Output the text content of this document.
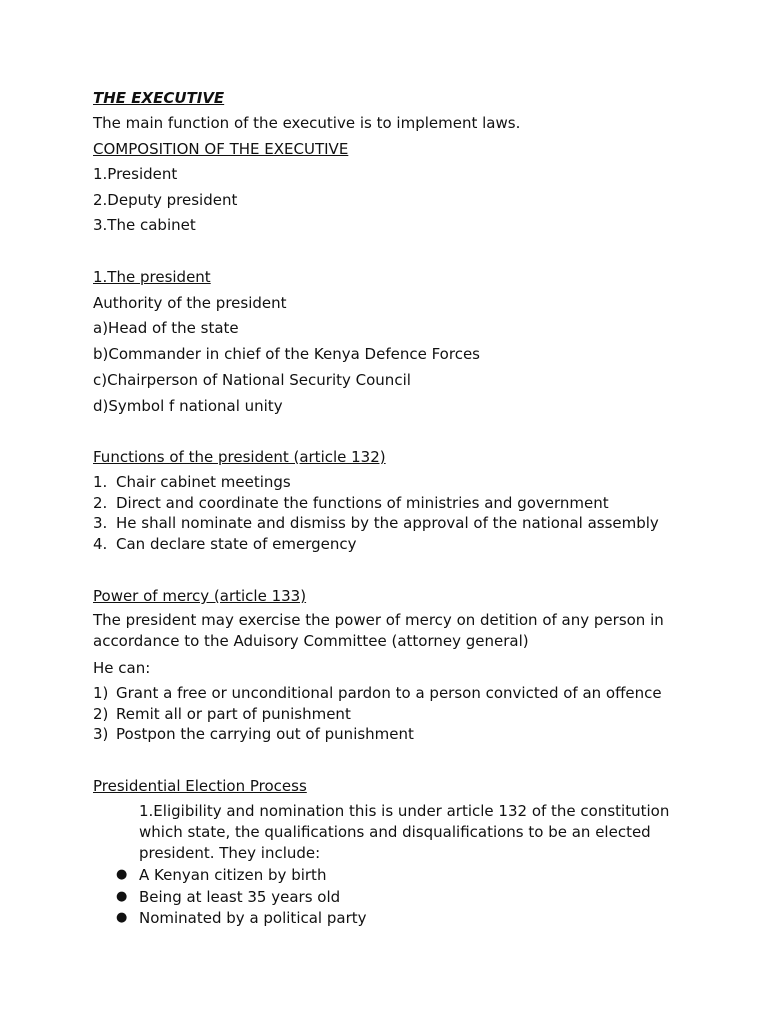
THE EXECUTIVE
The main function of the executive is to implement laws.
COMPOSITION OF THE EXECUTIVE
1.President
2.Deputy president
3.The cabinet
1.The president
Authority of the president
a)Head of the state
b)Commander in chief of the Kenya Defence Forces
c)Chairperson of National Security Council
d)Symbol f national unity
Functions of the president (article 132)
1. Chair cabinet meetings
2. Direct and coordinate the functions of ministries and government
3. He shall nominate and dismiss by the approval of the national assembly
4. Can declare state of emergency
Power of mercy (article 133)
The president may exercise the power of mercy on detition of any person in accordance to the Aduisory Committee (attorney general)
He can:
1) Grant a free or unconditional pardon to a person convicted of an offence
2) Remit all or part of punishment
3) Postpon the carrying out of punishment
Presidential Election Process
1.Eligibility and nomination this is under article 132 of the constitution which state, the qualifications and disqualifications to be an elected president. They include:
● A Kenyan citizen by birth
● Being at least 35 years old
● Nominated by a political party
